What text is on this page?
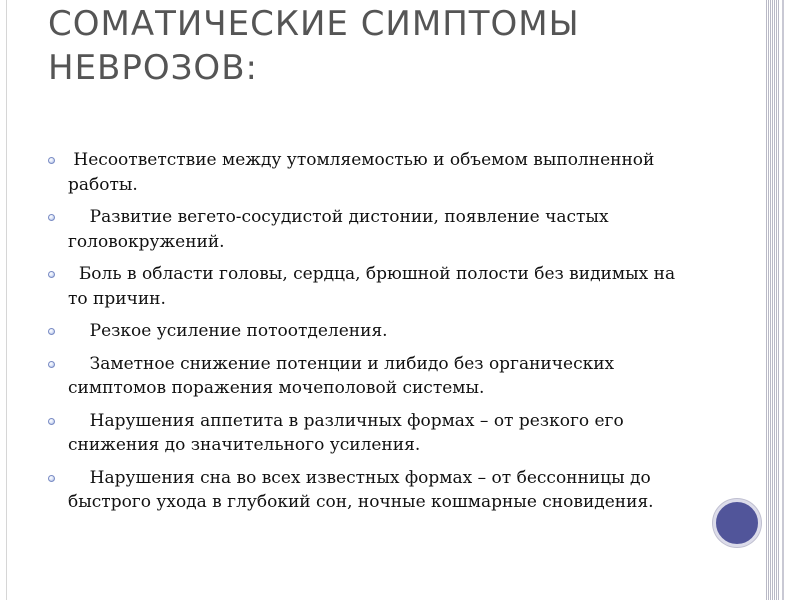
СОМАТИЧЕСКИЕ СИМПТОМЫ
НЕВРОЗОВ:
Несоответствие между утомляемостью и объемом выполненной  работы.
Развитие вегето-сосудистой дистонии, появление частых головокружений.
Боль в области головы, сердца, брюшной полости без видимых на то причин.
Резкое усиление потоотделения.
Заметное снижение потенции и либидо без органических симптомов поражения мочеполовой системы.
Нарушения аппетита в различных формах – от резкого его снижения до значительного усиления.
Нарушения сна во всех известных формах – от бессонницы до быстрого ухода в глубокий сон, ночные кошмарные сновидения.
